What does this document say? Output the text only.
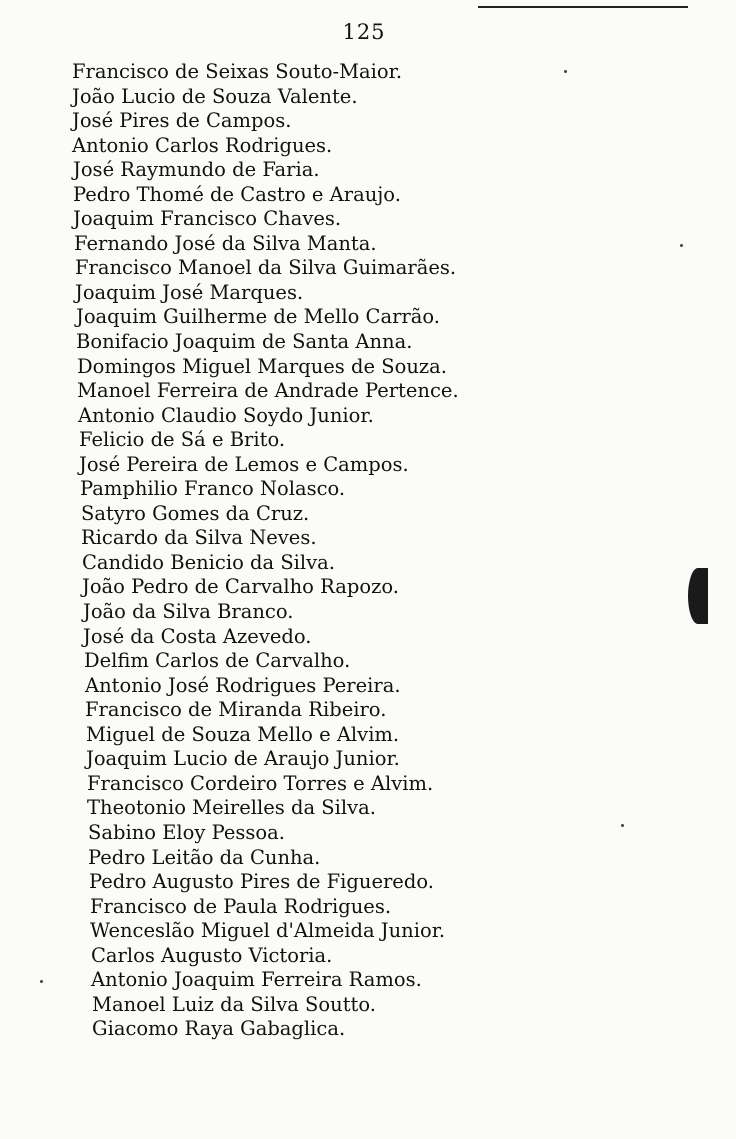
125
Francisco de Seixas Souto-Maior.
João Lucio de Souza Valente.
José Pires de Campos.
Antonio Carlos Rodrigues.
José Raymundo de Faria.
Pedro Thomé de Castro e Araujo.
Joaquim Francisco Chaves.
Fernando José da Silva Manta.
Francisco Manoel da Silva Guimarães.
Joaquim José Marques.
Joaquim Guilherme de Mello Carrão.
Bonifacio Joaquim de Santa Anna.
Domingos Miguel Marques de Souza.
Manoel Ferreira de Andrade Pertence.
Antonio Claudio Soydo Junior.
Felicio de Sá e Brito.
José Pereira de Lemos e Campos.
Pamphilio Franco Nolasco.
Satyro Gomes da Cruz.
Ricardo da Silva Neves.
Candido Benicio da Silva.
João Pedro de Carvalho Rapozo.
João da Silva Branco.
José da Costa Azevedo.
Delfim Carlos de Carvalho.
Antonio José Rodrigues Pereira.
Francisco de Miranda Ribeiro.
Miguel de Souza Mello e Alvim.
Joaquim Lucio de Araujo Junior.
Francisco Cordeiro Torres e Alvim.
Theotonio Meirelles da Silva.
Sabino Eloy Pessoa.
Pedro Leitão da Cunha.
Pedro Augusto Pires de Figueredo.
Francisco de Paula Rodrigues.
Wenceslão Miguel d'Almeida Junior.
Carlos Augusto Victoria.
Antonio Joaquim Ferreira Ramos.
Manoel Luiz da Silva Soutto.
Giacomo Raya Gabaglica.
